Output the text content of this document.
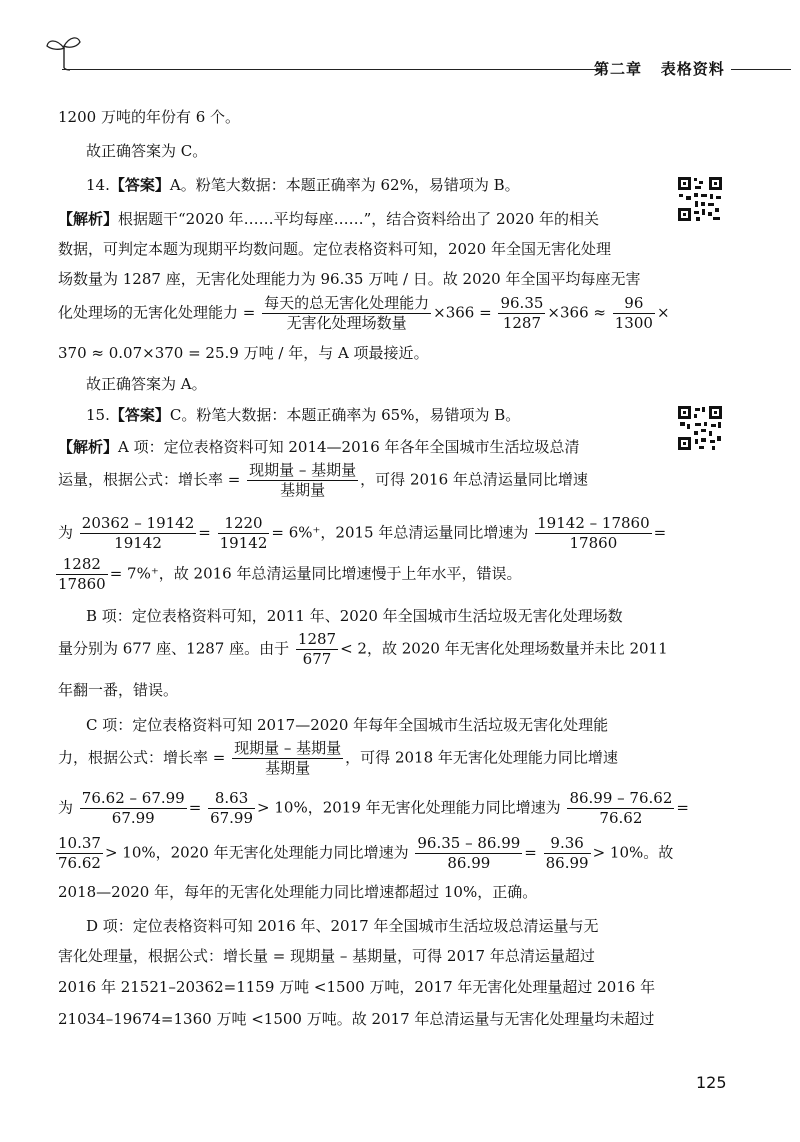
第二章 表格资料
1200 万吨的年份有 6 个。
故正确答案为 C。
14.【答案】A。粉笔大数据：本题正确率为 62%，易错项为 B。
【解析】根据题干“2020 年……平均每座……”，结合资料给出了 2020 年的相关
数据，可判定本题为现期平均数问题。定位表格资料可知，2020 年全国无害化处理
场数量为 1287 座，无害化处理能力为 96.35 万吨 / 日。故 2020 年全国平均每座无害
化处理场的无害化处理能力 = $\frac{\text{每天的总无害化处理能力}}{\text{无害化处理场数量}} \times 366 = \frac{96.35}{1287} \times 366 \approx \frac{96}{1300}$ ×
370 ≈ 0.07×370 = 25.9 万吨 / 年，与 A 项最接近。
故正确答案为 A。
15.【答案】C。粉笔大数据：本题正确率为 65%，易错项为 B。
【解析】A 项：定位表格资料可知 2014—2016 年各年全国城市生活垃圾总清
运量，根据公式：增长率 = $\frac{\text{现期量 – 基期量}}{\text{基期量}}$ ，可得 2016 年总清运量同比增速
为 $\frac{20362 - 19142}{19142} = \frac{1220}{19142} = 6\%^+$，2015 年总清运量同比增速为 $\frac{19142 - 17860}{17860}$ =
$\frac{1282}{17860} = 7\%^+$，故 2016 年总清运量同比增速慢于上年水平，错误。
B 项：定位表格资料可知，2011 年、2020 年全国城市生活垃圾无害化处理场数
量分别为 677 座、1287 座。由于 $\frac{1287}{677} < 2$，故 2020 年无害化处理场数量并未比 2011
年翻一番，错误。
C 项：定位表格资料可知 2017—2020 年每年全国城市生活垃圾无害化处理能
力，根据公式：增长率 = $\frac{\text{现期量 – 基期量}}{\text{基期量}}$ ，可得 2018 年无害化处理能力同比增速
为 $\frac{76.62 - 67.99}{67.99} = \frac{8.63}{67.99} > 10\%$，2019 年无害化处理能力同比增速为 $\frac{86.99 - 76.62}{76.62}$ =
$\frac{10.37}{76.62} > 10\%$，2020 年无害化处理能力同比增速为 $\frac{96.35 - 86.99}{86.99} = \frac{9.36}{86.99} > 10\%$。故
2018—2020 年，每年的无害化处理能力同比增速都超过 10%，正确。
D 项：定位表格资料可知 2016 年、2017 年全国城市生活垃圾总清运量与无
害化处理量，根据公式：增长量 = 现期量 – 基期量，可得 2017 年总清运量超过
2016 年 21521–20362=1159 万吨 <1500 万吨，2017 年无害化处理量超过 2016 年
21034–19674=1360 万吨 <1500 万吨。故 2017 年总清运量与无害化处理量均未超过
125
